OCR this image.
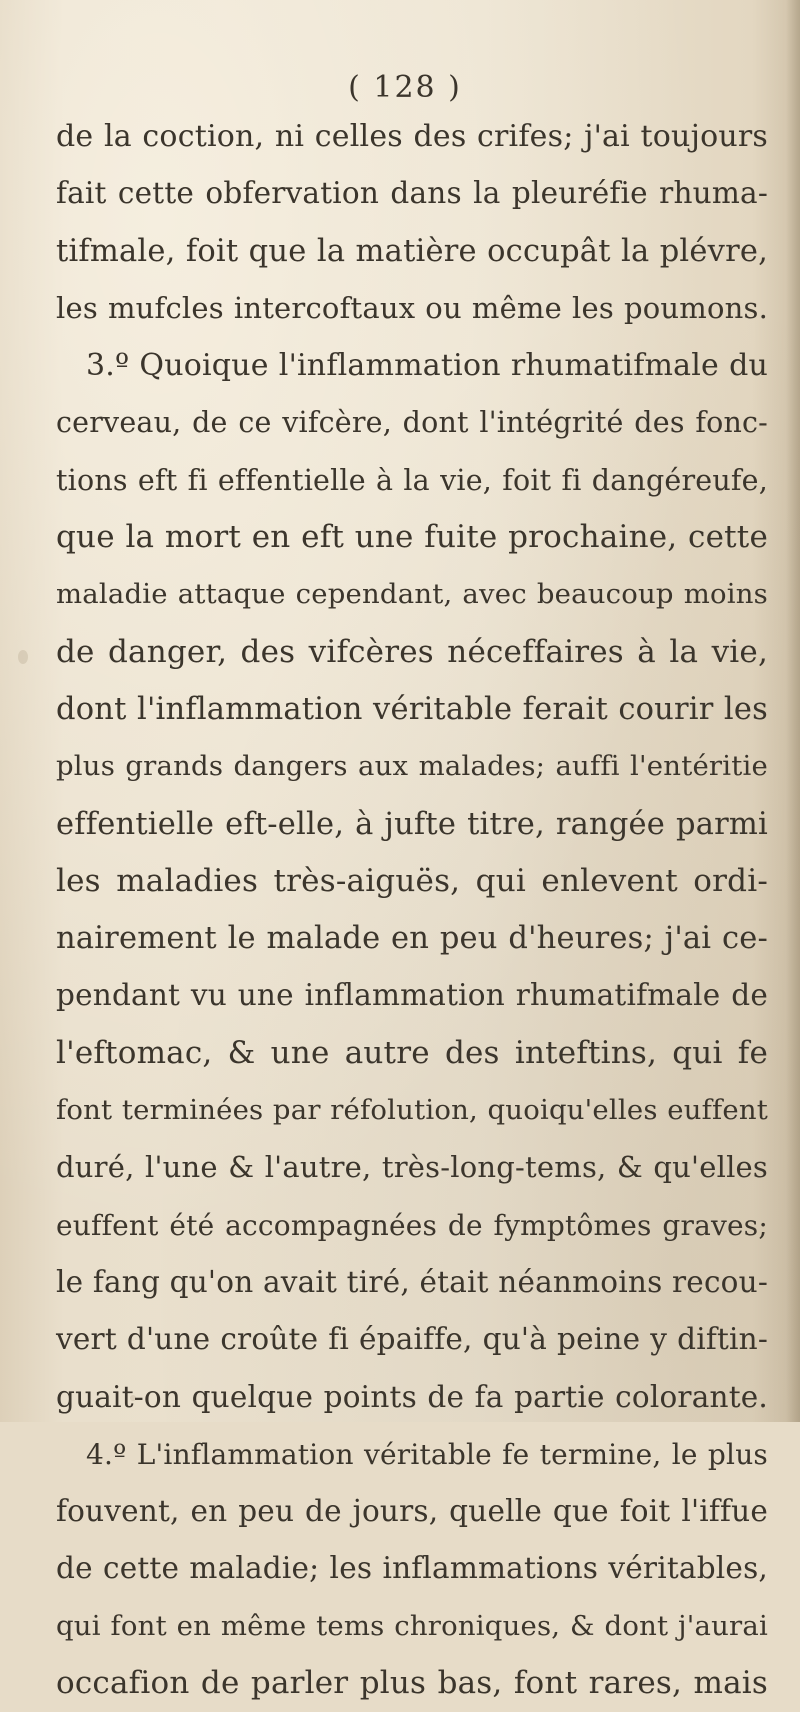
( 128 )

de la coction, ni celles des crifes; j'ai toujours
fait cette obfervation dans la pleuréfie rhuma-
tifmale, foit que la matière occupât la plévre,
les mufcles intercoftaux ou même les poumons.
3.º Quoique l'inflammation rhumatifmale du
cerveau, de ce vifcère, dont l'intégrité des fonc-
tions eft fi effentielle à la vie, foit fi dangéreufe,
que la mort en eft une fuite prochaine, cette
maladie attaque cependant, avec beaucoup moins
de danger, des vifcères néceffaires à la vie,
dont l'inflammation véritable ferait courir les
plus grands dangers aux malades; auffi l'entéritie
effentielle eft-elle, à jufte titre, rangée parmi
les maladies très-aiguës, qui enlevent ordi-
nairement le malade en peu d'heures; j'ai ce-
pendant vu une inflammation rhumatifmale de
l'eftomac, & une autre des inteftins, qui fe
font terminées par réfolution, quoiqu'elles euffent
duré, l'une & l'autre, très-long-tems, & qu'elles
euffent été accompagnées de fymptômes graves;
le fang qu'on avait tiré, était néanmoins recou-
vert d'une croûte fi épaiffe, qu'à peine y diftin-
guait-on quelque points de fa partie colorante.
4.º L'inflammation véritable fe termine, le plus
fouvent, en peu de jours, quelle que foit l'iffue
de cette maladie; les inflammations véritables,
qui font en même tems chroniques, & dont j'aurai
occafion de parler plus bas, font rares, mais
